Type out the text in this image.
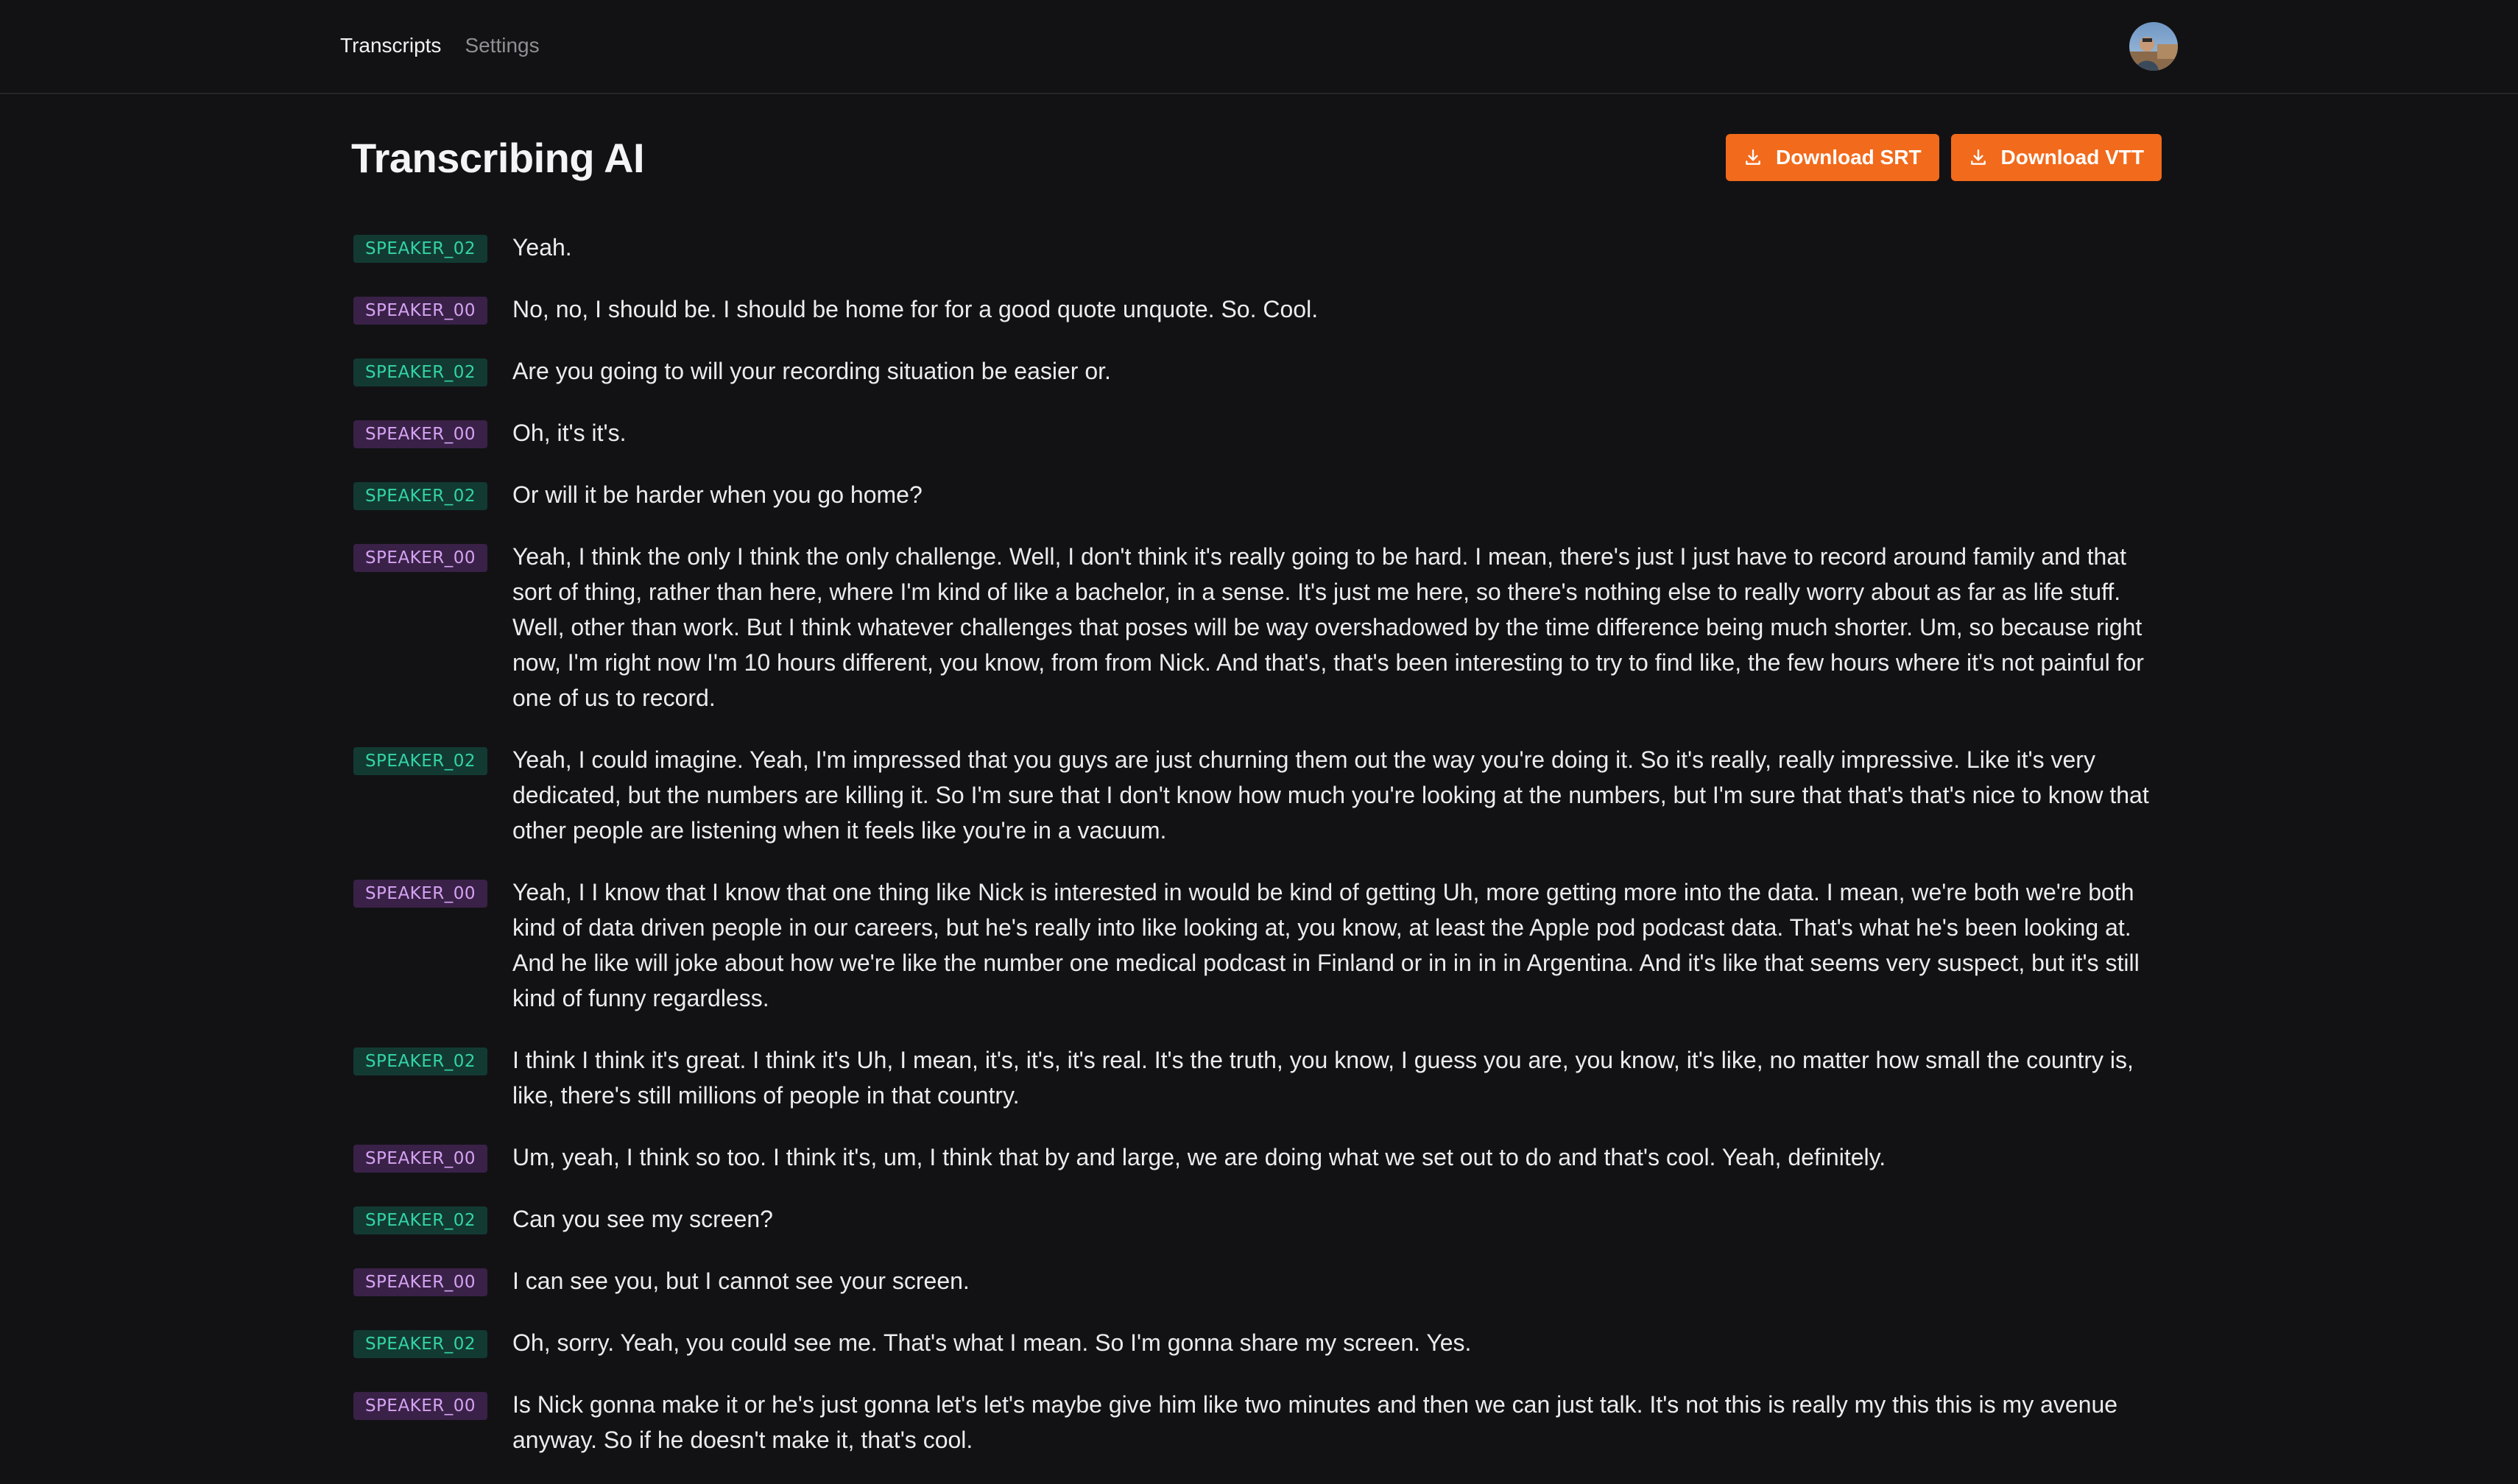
Transcripts Settings
Transcribing AI	Download SRT	Download VTT
SPEAKER_02	Yeah.
SPEAKER_00	No, no, I should be. I should be home for for a good quote unquote. So. Cool.
SPEAKER_02	Are you going to will your recording situation be easier or.
SPEAKER_00	Oh, it's it's.
SPEAKER_02	Or will it be harder when you go home?
SPEAKER_00	Yeah, I think the only I think the only challenge. Well, I don't think it's really going to be hard. I mean, there's just I just have to record around family and that sort of thing, rather than here, where I'm kind of like a bachelor, in a sense. It's just me here, so there's nothing else to really worry about as far as life stuff. Well, other than work. But I think whatever challenges that poses will be way overshadowed by the time difference being much shorter. Um, so because right now, I'm right now I'm 10 hours different, you know, from from Nick. And that's, that's been interesting to try to find like, the few hours where it's not painful for one of us to record.
SPEAKER_02	Yeah, I could imagine. Yeah, I'm impressed that you guys are just churning them out the way you're doing it. So it's really, really impressive. Like it's very dedicated, but the numbers are killing it. So I'm sure that I don't know how much you're looking at the numbers, but I'm sure that that's that's nice to know that other people are listening when it feels like you're in a vacuum.
SPEAKER_00	Yeah, I I know that I know that one thing like Nick is interested in would be kind of getting Uh, more getting more into the data. I mean, we're both we're both kind of data driven people in our careers, but he's really into like looking at, you know, at least the Apple pod podcast data. That's what he's been looking at. And he like will joke about how we're like the number one medical podcast in Finland or in in in in Argentina. And it's like that seems very suspect, but it's still kind of funny regardless.
SPEAKER_02	I think I think it's great. I think it's Uh, I mean, it's, it's, it's real. It's the truth, you know, I guess you are, you know, it's like, no matter how small the country is, like, there's still millions of people in that country.
SPEAKER_00	Um, yeah, I think so too. I think it's, um, I think that by and large, we are doing what we set out to do and that's cool. Yeah, definitely.
SPEAKER_02	Can you see my screen?
SPEAKER_00	I can see you, but I cannot see your screen.
SPEAKER_02	Oh, sorry. Yeah, you could see me. That's what I mean. So I'm gonna share my screen. Yes.
SPEAKER_00	Is Nick gonna make it or he's just gonna let's let's maybe give him like two minutes and then we can just talk. It's not this is really my this this is my avenue anyway. So if he doesn't make it, that's cool.
